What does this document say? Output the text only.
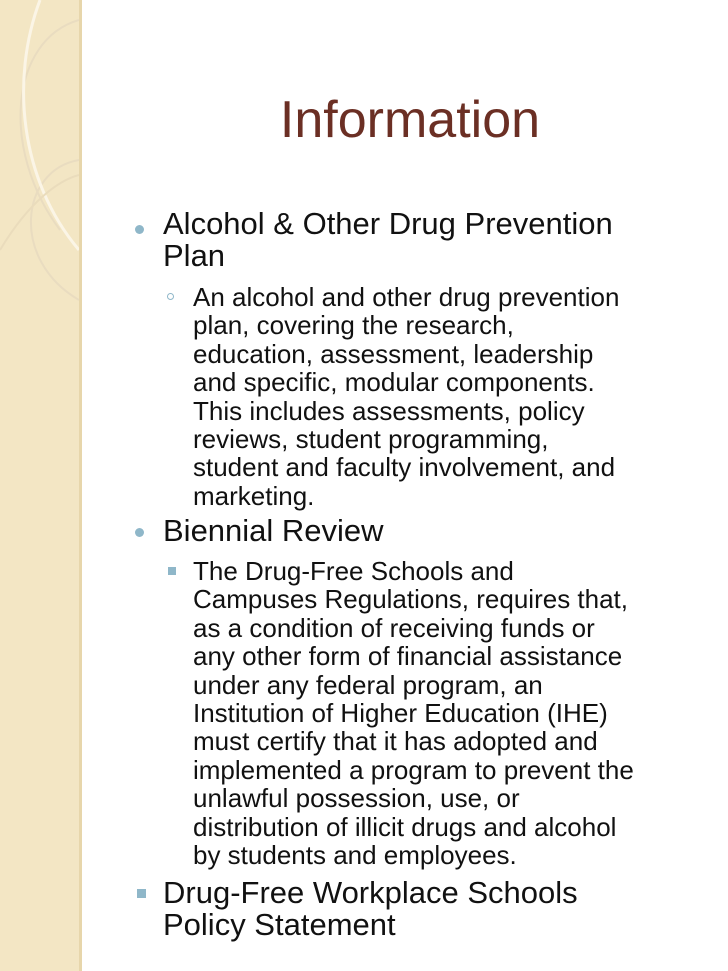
Information
Alcohol & Other Drug Prevention
Plan
An alcohol and other drug prevention
plan, covering the research,
education, assessment, leadership
and specific, modular components.
This includes assessments, policy
reviews, student programming,
student and faculty involvement, and
marketing.
Biennial Review
The Drug-Free Schools and
Campuses Regulations, requires that,
as a condition of receiving funds or
any other form of financial assistance
under any federal program, an
Institution of Higher Education (IHE)
must certify that it has adopted and
implemented a program to prevent the
unlawful possession, use, or
distribution of illicit drugs and alcohol
by students and employees.
Drug-Free Workplace Schools
Policy Statement
